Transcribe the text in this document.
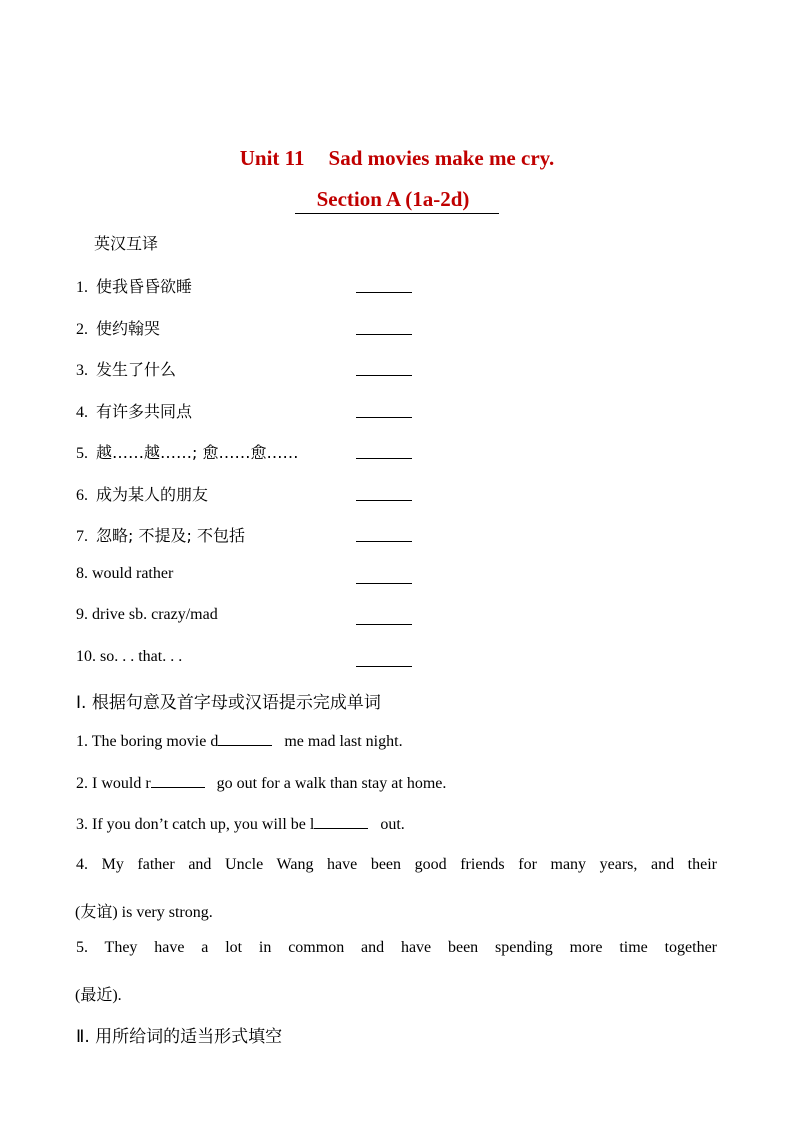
Unit 11 Sad movies make me cry.
Section A (1a-2d)
英汉互译
1. 使我昏昏欲睡
2. 使约翰哭
3. 发生了什么
4. 有许多共同点
5. 越……越……; 愈……愈……
6. 成为某人的朋友
7. 忽略; 不提及; 不包括
8. would rather
9. drive sb. crazy/mad
10. so. . . that. . .
Ⅰ. 根据句意及首字母或汉语提示完成单词
1. The boring movie d	me mad last night.
2. I would r	go out for a walk than stay at home.
3. If you don’t catch up, you will be l	out.
4. My father and Uncle Wang have been good friends for many years, and their
(友谊) is very strong.
5. They have a lot in common and have been spending more time together
(最近).
Ⅱ. 用所给词的适当形式填空
